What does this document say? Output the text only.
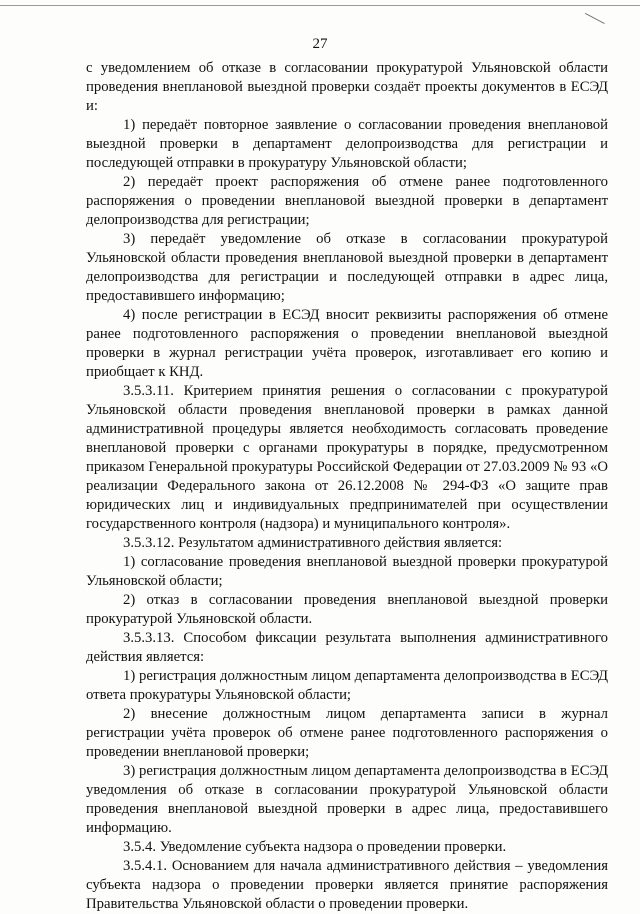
27

с уведомлением об отказе в согласовании прокуратурой Ульяновской области проведения внеплановой выездной проверки создаёт проекты документов в ЕСЭД и:

1) передаёт повторное заявление о согласовании проведения внеплановой выездной проверки в департамент делопроизводства для регистрации и последующей отправки в прокуратуру Ульяновской области;

2) передаёт проект распоряжения об отмене ранее подготовленного распоряжения о проведении внеплановой выездной проверки в департамент делопроизводства для регистрации;

3) передаёт уведомление об отказе в согласовании прокуратурой Ульяновской области проведения внеплановой выездной проверки в департамент делопроизводства для регистрации и последующей отправки в адрес лица, предоставившего информацию;

4) после регистрации в ЕСЭД вносит реквизиты распоряжения об отмене ранее подготовленного распоряжения о проведении внеплановой выездной проверки в журнал регистрации учёта проверок, изготавливает его копию и приобщает к КНД.

3.5.3.11. Критерием принятия решения о согласовании с прокуратурой Ульяновской области проведения внеплановой проверки в рамках данной административной процедуры является необходимость согласовать проведение внеплановой проверки с органами прокуратуры в порядке, предусмотренном приказом Генеральной прокуратуры Российской Федерации от 27.03.2009 № 93 «О реализации Федерального закона от 26.12.2008 № 294-ФЗ «О защите прав юридических лиц и индивидуальных предпринимателей при осуществлении государственного контроля (надзора) и муниципального контроля».

3.5.3.12. Результатом административного действия является:

1) согласование проведения внеплановой выездной проверки прокуратурой Ульяновской области;

2) отказ в согласовании проведения внеплановой выездной проверки прокуратурой Ульяновской области.

3.5.3.13. Способом фиксации результата выполнения административного действия является:

1) регистрация должностным лицом департамента делопроизводства в ЕСЭД ответа прокуратуры Ульяновской области;

2) внесение должностным лицом департамента записи в журнал регистрации учёта проверок об отмене ранее подготовленного распоряжения о проведении внеплановой проверки;

3) регистрация должностным лицом департамента делопроизводства в ЕСЭД уведомления об отказе в согласовании прокуратурой Ульяновской области проведения внеплановой выездной проверки в адрес лица, предоставившего информацию.

3.5.4. Уведомление субъекта надзора о проведении проверки.

3.5.4.1. Основанием для начала административного действия – уведомления субъекта надзора о проведении проверки является принятие распоряжения Правительства Ульяновской области о проведении проверки.
